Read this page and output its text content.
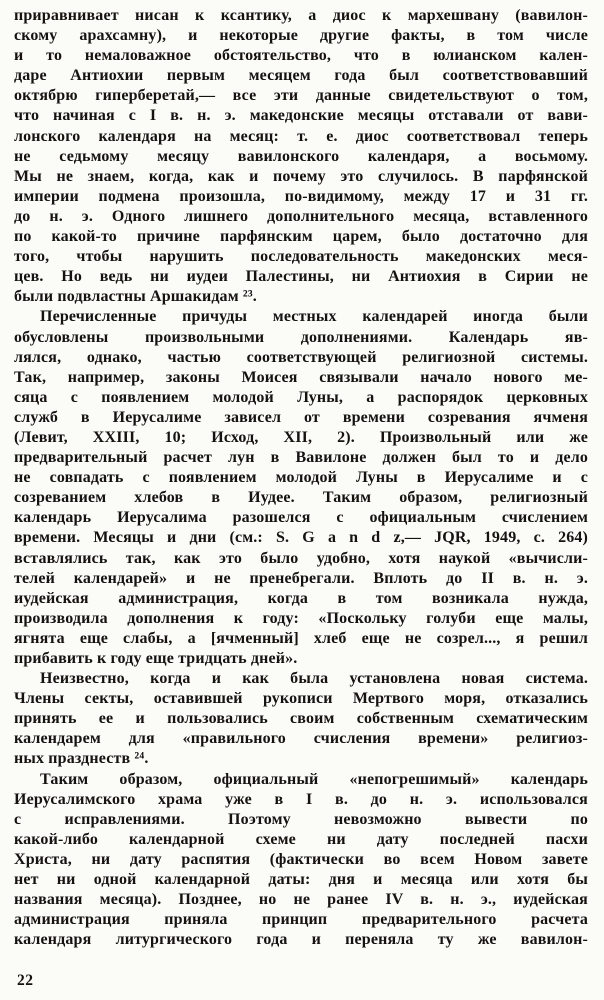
приравнивает нисан к ксантику, а диос к мархешвану (вавилон-
скому арахсамну), и некоторые другие факты, в том числе
и то немаловажное обстоятельство, что в юлианском кален-
даре Антиохии первым месяцем года был соответствовавший
октябрю гиперберетай,— все эти данные свидетельствуют о том,
что начиная с I в. н. э. македонские месяцы отставали от вави-
лонского календаря на месяц: т. е. диос соответствовал теперь
не седьмому месяцу вавилонского календаря, а восьмому.
Мы не знаем, когда, как и почему это случилось. В парфянской
империи подмена произошла, по-видимому, между 17 и 31 гг.
до н. э. Одного лишнего дополнительного месяца, вставленного
по какой-то причине парфянским царем, было достаточно для
того, чтобы нарушить последовательность македонских меся-
цев. Но ведь ни иудеи Палестины, ни Антиохия в Сирии не
были подвластны Аршакидам ²³.
Перечисленные причуды местных календарей иногда были
обусловлены произвольными дополнениями. Календарь яв-
лялся, однако, частью соответствующей религиозной системы.
Так, например, законы Моисея связывали начало нового ме-
сяца с появлением молодой Луны, а распорядок церковных
служб в Иерусалиме зависел от времени созревания ячменя
(Левит, XXIII, 10; Исход, XII, 2). Произвольный или же
предварительный расчет лун в Вавилоне должен был то и дело
не совпадать с появлением молодой Луны в Иерусалиме и с
созреванием хлебов в Иудее. Таким образом, религиозный
календарь Иерусалима разошелся с официальным счислением
времени. Месяцы и дни (см.: S. G a n d z,— JQR, 1949, с. 264)
вставлялись так, как это было удобно, хотя наукой «вычисли-
телей календарей» и не пренебрегали. Вплоть до II в. н. э.
иудейская администрация, когда в том возникала нужда,
производила дополнения к году: «Поскольку голуби еще малы,
ягнята еще слабы, а [ячменный] хлеб еще не созрел..., я решил
прибавить к году еще тридцать дней».
Неизвестно, когда и как была установлена новая система.
Члены секты, оставившей рукописи Мертвого моря, отказались
принять ее и пользовались своим собственным схематическим
календарем для «правильного счисления времени» религиоз-
ных празднеств ²⁴.
Таким образом, официальный «непогрешимый» календарь
Иерусалимского храма уже в I в. до н. э. использовался
с исправлениями. Поэтому невозможно вывести по
какой-либо календарной схеме ни дату последней пасхи
Христа, ни дату распятия (фактически во всем Новом завете
нет ни одной календарной даты: дня и месяца или хотя бы
названия месяца). Позднее, но не ранее IV в. н. э., иудейская
администрация приняла принцип предварительного расчета
календаря литургического года и переняла ту же вавилон-
22
